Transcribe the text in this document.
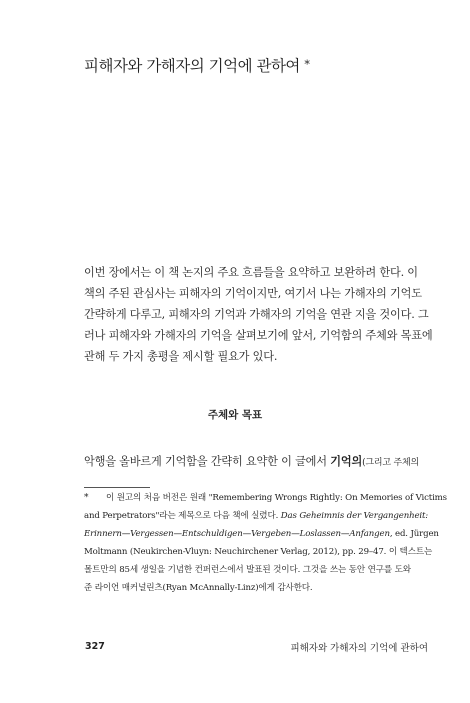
피해자와 가해자의 기억에 관하여 *
이번 장에서는 이 책 논지의 주요 흐름들을 요약하고 보완하려 한다. 이
책의 주된 관심사는 피해자의 기억이지만, 여기서 나는 가해자의 기억도
간략하게 다루고, 피해자의 기억과 가해자의 기억을 연관 지을 것이다. 그
러나 피해자와 가해자의 기억을 살펴보기에 앞서, 기억함의 주체와 목표에
관해 두 가지 총평을 제시할 필요가 있다.
주체와 목표
악행을 올바르게 기억함을 간략히 요약한 이 글에서 기억의(그리고 주체의
* 이 원고의 처음 버전은 원래 "Remembering Wrongs Rightly: On Memories of Victims
and Perpetrators"라는 제목으로 다음 책에 실렸다. Das Geheimnis der Vergangenheit:
Erinnern—Vergessen—Entschuldigen—Vergeben—Loslassen—Anfangen, ed. Jürgen
Moltmann (Neukirchen-Vluyn: Neuchirchener Verlag, 2012), pp. 29–47. 이 텍스트는
몰트만의 85세 생일을 기념한 컨퍼런스에서 발표된 것이다. 그것을 쓰는 동안 연구를 도와
준 라이언 매커널린츠(Ryan McAnnally-Linz)에게 감사한다.
327	피해자와 가해자의 기억에 관하여
